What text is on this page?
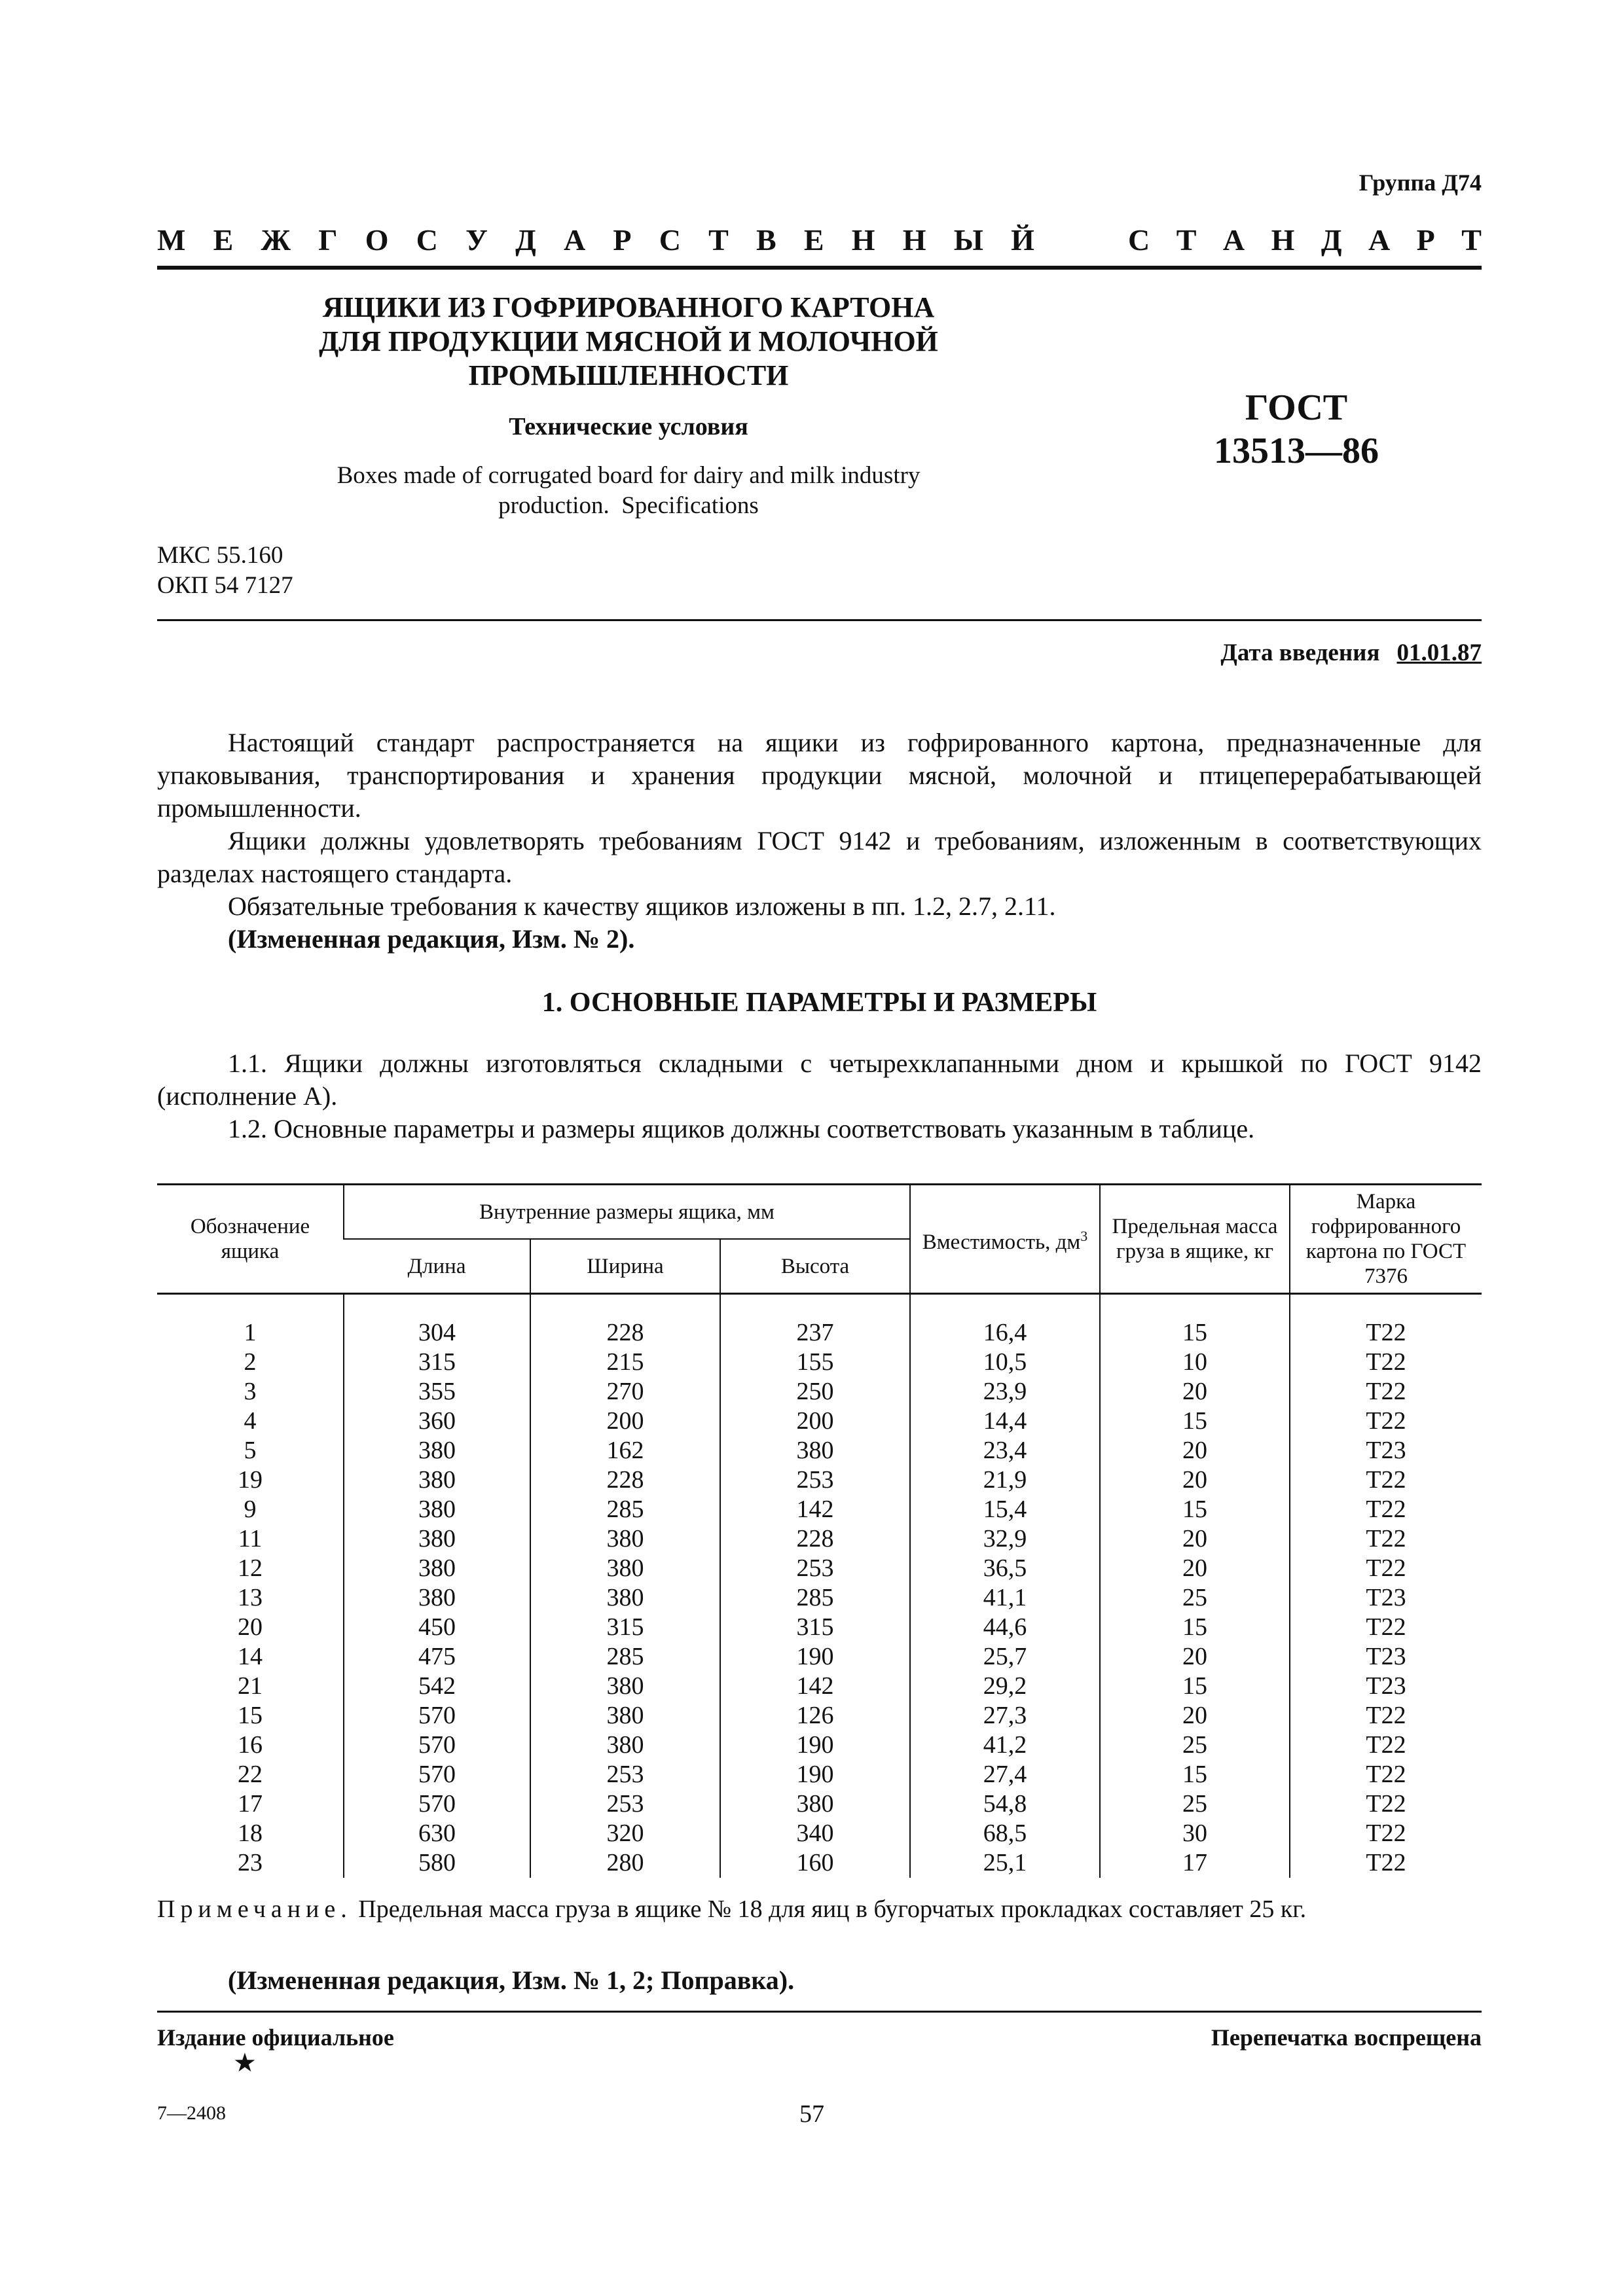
Группа Д74
М Е Ж Г О С У Д А Р С Т В Е Н Н Ы Й	С Т А Н Д А Р Т
ЯЩИКИ ИЗ ГОФРИРОВАННОГО КАРТОНА
ДЛЯ ПРОДУКЦИИ МЯСНОЙ И МОЛОЧНОЙ
ПРОМЫШЛЕННОСТИ
Технические условия
Boxes made of corrugated board for dairy and milk industry
production.  Specifications
ГОСТ
13513—86
МКС 55.160
ОКП 54 7127
Дата введения 01.01.87

Настоящий стандарт распространяется на ящики из гофрированного картона, предназначенные для упаковывания, транспортирования и хранения продукции мясной, молочной и птицеперерабатывающей промышленности.

Ящики должны удовлетворять требованиям ГОСТ 9142 и требованиям, изложенным в соответствующих разделах настоящего стандарта.

Обязательные требования к качеству ящиков изложены в пп. 1.2, 2.7, 2.11.

(Измененная редакция, Изм. № 2).

1. ОСНОВНЫЕ ПАРАМЕТРЫ И РАЗМЕРЫ

1.1. Ящики должны изготовляться складными с четырехклапанными дном и крышкой по ГОСТ 9142 (исполнение А).

1.2. Основные параметры и размеры ящиков должны соответствовать указанным в таблице.

Обозначение ящика	Внутренние размеры ящика, мм			Вместимость, $дм^3$	Предельная масса груза в ящике, кг	Марка гофрированного картона по ГОСТ 7376
	Длина	Ширина	Высота			
1	304	228	237	16,4	15	Т22
2	315	215	155	10,5	10	Т22
3	355	270	250	23,9	20	Т22
4	360	200	200	14,4	15	Т22
5	380	162	380	23,4	20	Т23
19	380	228	253	21,9	20	Т22
9	380	285	142	15,4	15	Т22
11	380	380	228	32,9	20	Т22
12	380	380	253	36,5	20	Т22
13	380	380	285	41,1	25	Т23
20	450	315	315	44,6	15	Т22
14	475	285	190	25,7	20	Т23
21	542	380	142	29,2	15	Т23
15	570	380	126	27,3	20	Т22
16	570	380	190	41,2	25	Т22
22	570	253	190	27,4	15	Т22
17	570	253	380	54,8	25	Т22
18	630	320	340	68,5	30	Т22
23	580	280	160	25,1	17	Т22
Примечание. Предельная масса груза в ящике № 18 для яиц в бугорчатых прокладках составляет 25 кг.
(Измененная редакция, Изм. № 1, 2; Поправка).
Издание официальное
★
Перепечатка воспрещена
7—2408	57
